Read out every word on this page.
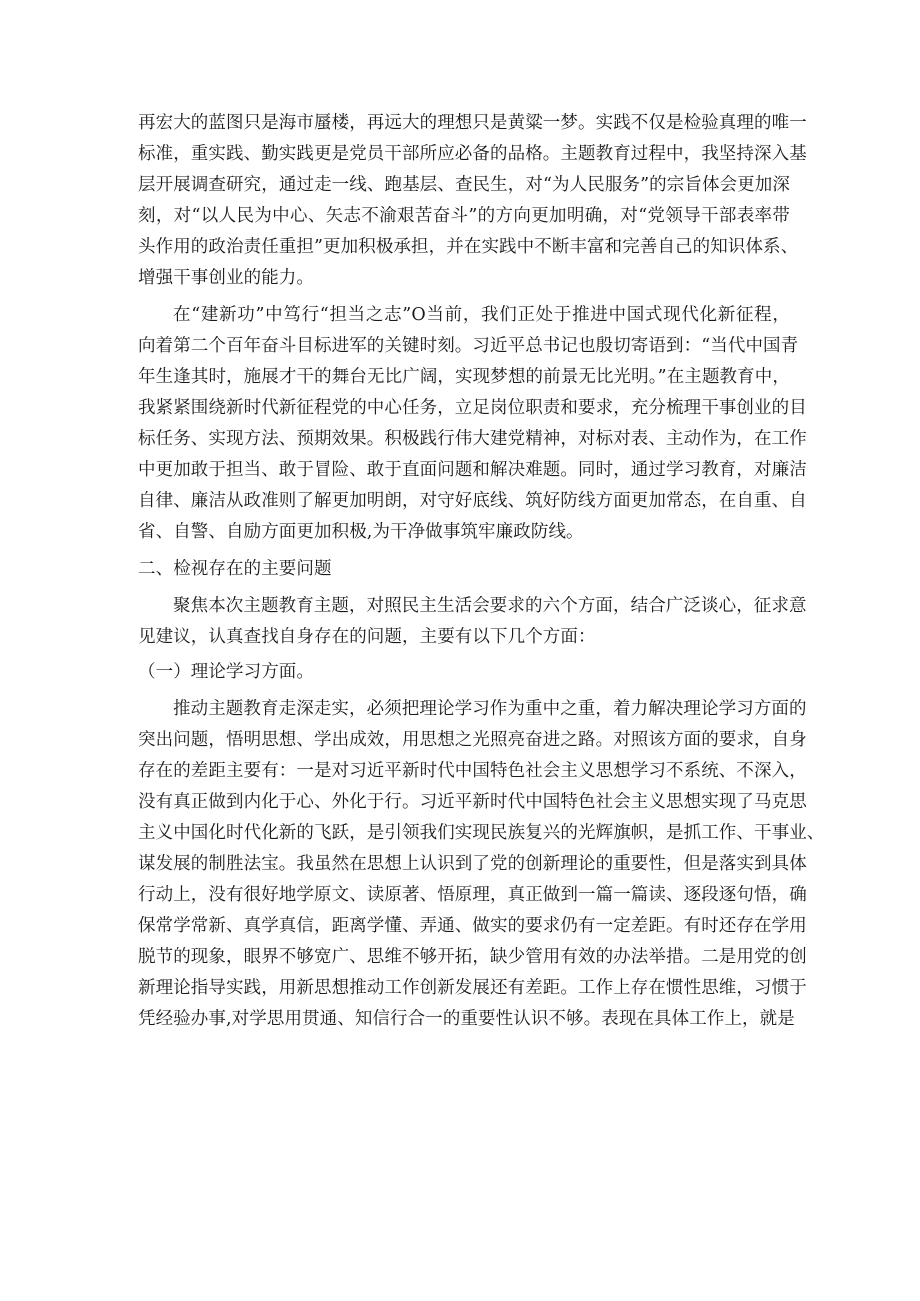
再宏大的蓝图只是海市蜃楼，再远大的理想只是黄粱一梦。实践不仅是检验真理的唯一
标准，重实践、勤实践更是党员干部所应必备的品格。主题教育过程中，我坚持深入基
层开展调查研究，通过走一线、跑基层、查民生，对“为人民服务”的宗旨体会更加深
刻，对“以人民为中心、矢志不渝艰苦奋斗”的方向更加明确，对“党领导干部表率带
头作用的政治责任重担”更加积极承担，并在实践中不断丰富和完善自己的知识体系、
增强干事创业的能力。

在“建新功”中笃行“担当之志”O当前，我们正处于推进中国式现代化新征程，
向着第二个百年奋斗目标进军的关键时刻。习近平总书记也殷切寄语到：“当代中国青
年生逢其时，施展才干的舞台无比广阔，实现梦想的前景无比光明。”在主题教育中，
我紧紧围绕新时代新征程党的中心任务，立足岗位职责和要求，充分梳理干事创业的目
标任务、实现方法、预期效果。积极践行伟大建党精神，对标对表、主动作为，在工作
中更加敢于担当、敢于冒险、敢于直面问题和解决难题。同时，通过学习教育，对廉洁
自律、廉洁从政准则了解更加明朗，对守好底线、筑好防线方面更加常态，在自重、自
省、自警、自励方面更加积极,为干净做事筑牢廉政防线。

二、检视存在的主要问题

聚焦本次主题教育主题，对照民主生活会要求的六个方面，结合广泛谈心，征求意
见建议，认真查找自身存在的问题，主要有以下几个方面：

（一）理论学习方面。

推动主题教育走深走实，必须把理论学习作为重中之重，着力解决理论学习方面的
突出问题，悟明思想、学出成效，用思想之光照亮奋进之路。对照该方面的要求，自身
存在的差距主要有：一是对习近平新时代中国特色社会主义思想学习不系统、不深入，
没有真正做到内化于心、外化于行。习近平新时代中国特色社会主义思想实现了马克思
主义中国化时代化新的飞跃，是引领我们实现民族复兴的光辉旗帜，是抓工作、干事业、
谋发展的制胜法宝。我虽然在思想上认识到了党的创新理论的重要性，但是落实到具体
行动上，没有很好地学原文、读原著、悟原理，真正做到一篇一篇读、逐段逐句悟，确
保常学常新、真学真信，距离学懂、弄通、做实的要求仍有一定差距。有时还存在学用
脱节的现象，眼界不够宽广、思维不够开拓，缺少管用有效的办法举措。二是用党的创
新理论指导实践，用新思想推动工作创新发展还有差距。工作上存在惯性思维，习惯于
凭经验办事,对学思用贯通、知信行合一的重要性认识不够。表现在具体工作上，就是
